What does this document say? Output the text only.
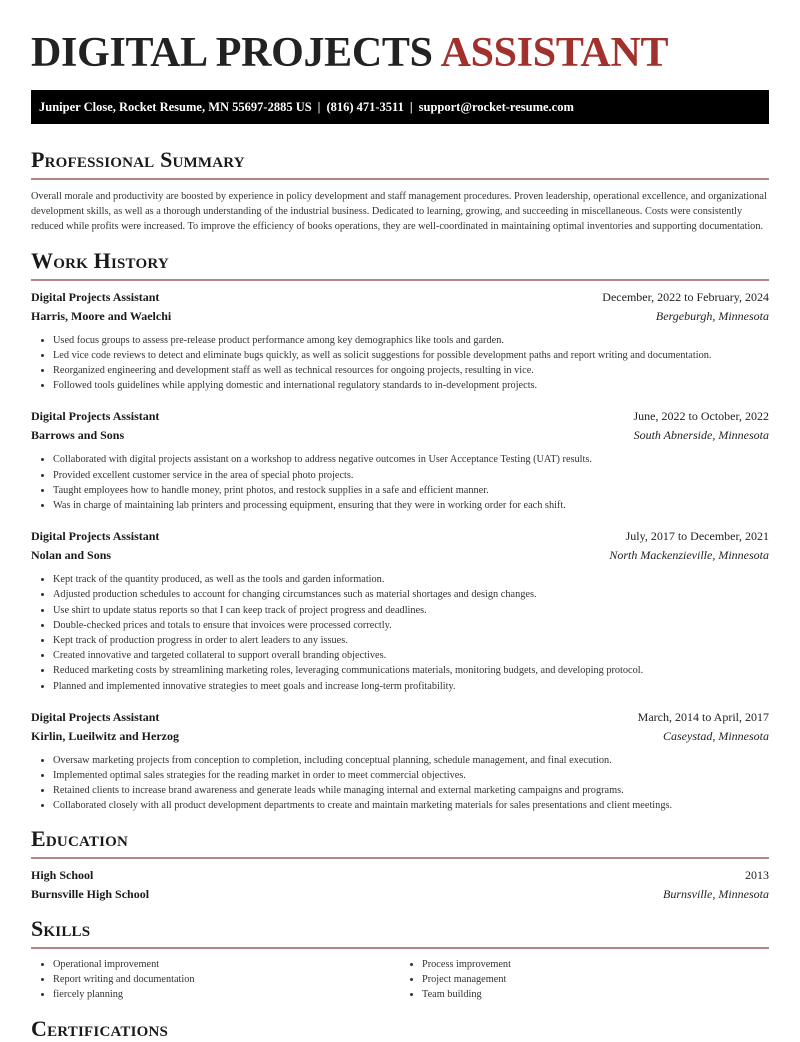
DIGITAL PROJECTS ASSISTANT
Juniper Close, Rocket Resume, MN 55697-2885 US | (816) 471-3511 | support@rocket-resume.com
Professional Summary

Overall morale and productivity are boosted by experience in policy development and staff management procedures. Proven leadership, operational excellence, and organizational development skills, as well as a thorough understanding of the industrial business. Dedicated to learning, growing, and succeeding in miscellaneous. Costs were consistently reduced while profits were increased. To improve the efficiency of books operations, they are well-coordinated in maintaining optimal inventories and supporting documentation.

Work History
Digital Projects Assistant	December, 2022 to February, 2024
Harris, Moore and Waelchi	Bergeburgh, Minnesota
• Used focus groups to assess pre-release product performance among key demographics like tools and garden.
• Led vice code reviews to detect and eliminate bugs quickly, as well as solicit suggestions for possible development paths and report writing and documentation.
• Reorganized engineering and development staff as well as technical resources for ongoing projects, resulting in vice.
• Followed tools guidelines while applying domestic and international regulatory standards to in-development projects.
Digital Projects Assistant	June, 2022 to October, 2022
Barrows and Sons	South Abnerside, Minnesota
• Collaborated with digital projects assistant on a workshop to address negative outcomes in User Acceptance Testing (UAT) results.
• Provided excellent customer service in the area of special photo projects.
• Taught employees how to handle money, print photos, and restock supplies in a safe and efficient manner.
• Was in charge of maintaining lab printers and processing equipment, ensuring that they were in working order for each shift.
Digital Projects Assistant	July, 2017 to December, 2021
Nolan and Sons	North Mackenzieville, Minnesota
• Kept track of the quantity produced, as well as the tools and garden information.
• Adjusted production schedules to account for changing circumstances such as material shortages and design changes.
• Use shirt to update status reports so that I can keep track of project progress and deadlines.
• Double-checked prices and totals to ensure that invoices were processed correctly.
• Kept track of production progress in order to alert leaders to any issues.
• Created innovative and targeted collateral to support overall branding objectives.
• Reduced marketing costs by streamlining marketing roles, leveraging communications materials, monitoring budgets, and developing protocol.
• Planned and implemented innovative strategies to meet goals and increase long-term profitability.
Digital Projects Assistant	March, 2014 to April, 2017
Kirlin, Lueilwitz and Herzog	Caseystad, Minnesota
• Oversaw marketing projects from conception to completion, including conceptual planning, schedule management, and final execution.
• Implemented optimal sales strategies for the reading market in order to meet commercial objectives.
• Retained clients to increase brand awareness and generate leads while managing internal and external marketing campaigns and programs.
• Collaborated closely with all product development departments to create and maintain marketing materials for sales presentations and client meetings.
Education
High School	2013
Burnsville High School	Burnsville, Minnesota
Skills
• Operational improvement
• Report writing and documentation
• fiercely planning
• Process improvement
• Project management
• Team building
Certifications
